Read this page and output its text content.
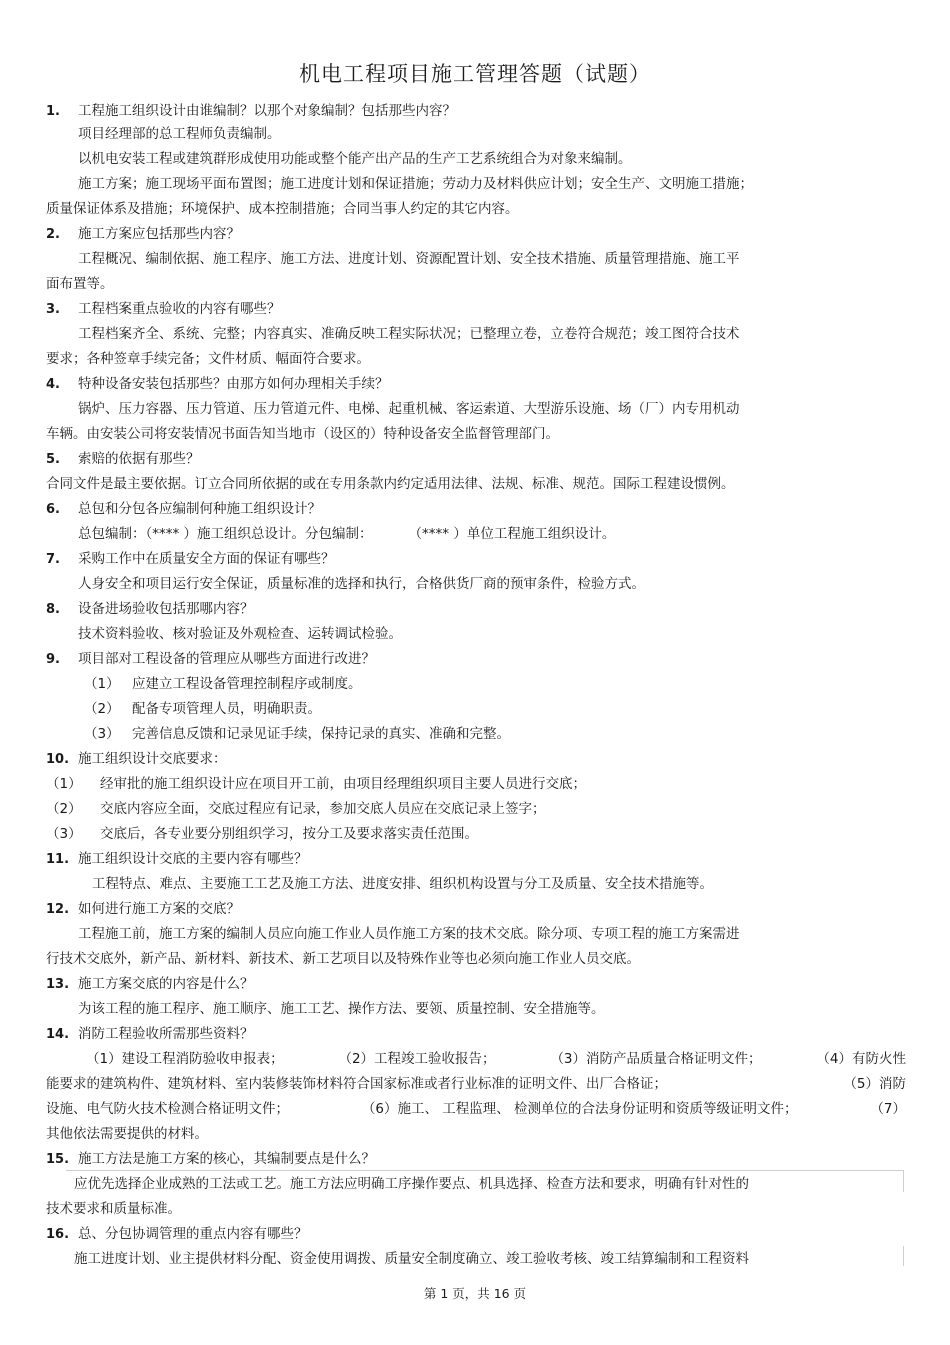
机电工程项目施工管理答题（试题）
1.	工程施工组织设计由谁编制？以那个对象编制？包括那些内容？
项目经理部的总工程师负责编制。
以机电安装工程或建筑群形成使用功能或整个能产出产品的生产工艺系统组合为对象来编制。
施工方案；施工现场平面布置图；施工进度计划和保证措施；劳动力及材料供应计划；安全生产、文明施工措施；
质量保证体系及措施；环境保护、成本控制措施；合同当事人约定的其它内容。
2.	施工方案应包括那些内容？
工程概况、编制依据、施工程序、施工方法、进度计划、资源配置计划、安全技术措施、质量管理措施、施工平
面布置等。
3.	工程档案重点验收的内容有哪些？
工程档案齐全、系统、完整；内容真实、准确反映工程实际状况；已整理立卷，立卷符合规范；竣工图符合技术
要求；各种签章手续完备；文件材质、幅面符合要求。
4.	特种设备安装包括那些？由那方如何办理相关手续？
锅炉、压力容器、压力管道、压力管道元件、电梯、起重机械、客运索道、大型游乐设施、场（厂）内专用机动
车辆。由安装公司将安装情况书面告知当地市（设区的）特种设备安全监督管理部门。
5.	索赔的依据有那些？
合同文件是最主要依据。订立合同所依据的或在专用条款内约定适用法律、法规、标准、规范。国际工程建设惯例。
6.	总包和分包各应编制何种施工组织设计？
总包编制：（**** ）施工组织总设计。分包编制：	（**** ）单位工程施工组织设计。
7.	采购工作中在质量安全方面的保证有哪些？
人身安全和项目运行安全保证，质量标准的选择和执行，合格供货厂商的预审条件，检验方式。
8.	设备进场验收包括那哪内容？
技术资料验收、核对验证及外观检查、运转调试检验。
9.	项目部对工程设备的管理应从哪些方面进行改进？
（1） 应建立工程设备管理控制程序或制度。
（2） 配备专项管理人员，明确职责。
（3） 完善信息反馈和记录见证手续，保持记录的真实、准确和完整。
10. 施工组织设计交底要求：
（1）	经审批的施工组织设计应在项目开工前，由项目经理组织项目主要人员进行交底；
（2）	交底内容应全面，交底过程应有记录，参加交底人员应在交底记录上签字；
（3）	交底后，各专业要分别组织学习，按分工及要求落实责任范围。
11. 施工组织设计交底的主要内容有哪些？
工程特点、难点、主要施工工艺及施工方法、进度安排、组织机构设置与分工及质量、安全技术措施等。
12. 如何进行施工方案的交底？
工程施工前，施工方案的编制人员应向施工作业人员作施工方案的技术交底。除分项、专项工程的施工方案需进
行技术交底外，新产品、新材料、新技术、新工艺项目以及特殊作业等也必须向施工作业人员交底。
13. 施工方案交底的内容是什么？
为该工程的施工程序、施工顺序、施工工艺、操作方法、要领、质量控制、安全措施等。
14. 消防工程验收所需那些资料？
（1）建设工程消防验收申报表；	（2）工程竣工验收报告；	（3）消防产品质量合格证明文件；	（4）有防火性
能要求的建筑构件、建筑材料、室内装修装饰材料符合国家标准或者行业标准的证明文件、出厂合格证；	（5）消防
设施、电气防火技术检测合格证明文件；	（6）施工、 工程监理、 检测单位的合法身份证明和资质等级证明文件；	（7）
其他依法需要提供的材料。
15. 施工方法是施工方案的核心，其编制要点是什么？
应优先选择企业成熟的工法或工艺。施工方法应明确工序操作要点、机具选择、检查方法和要求，明确有针对性的
技术要求和质量标准。
16. 总、分包协调管理的重点内容有哪些？
施工进度计划、业主提供材料分配、资金使用调拨、质量安全制度确立、竣工验收考核、竣工结算编制和工程资料
第 1 页，共 16 页
